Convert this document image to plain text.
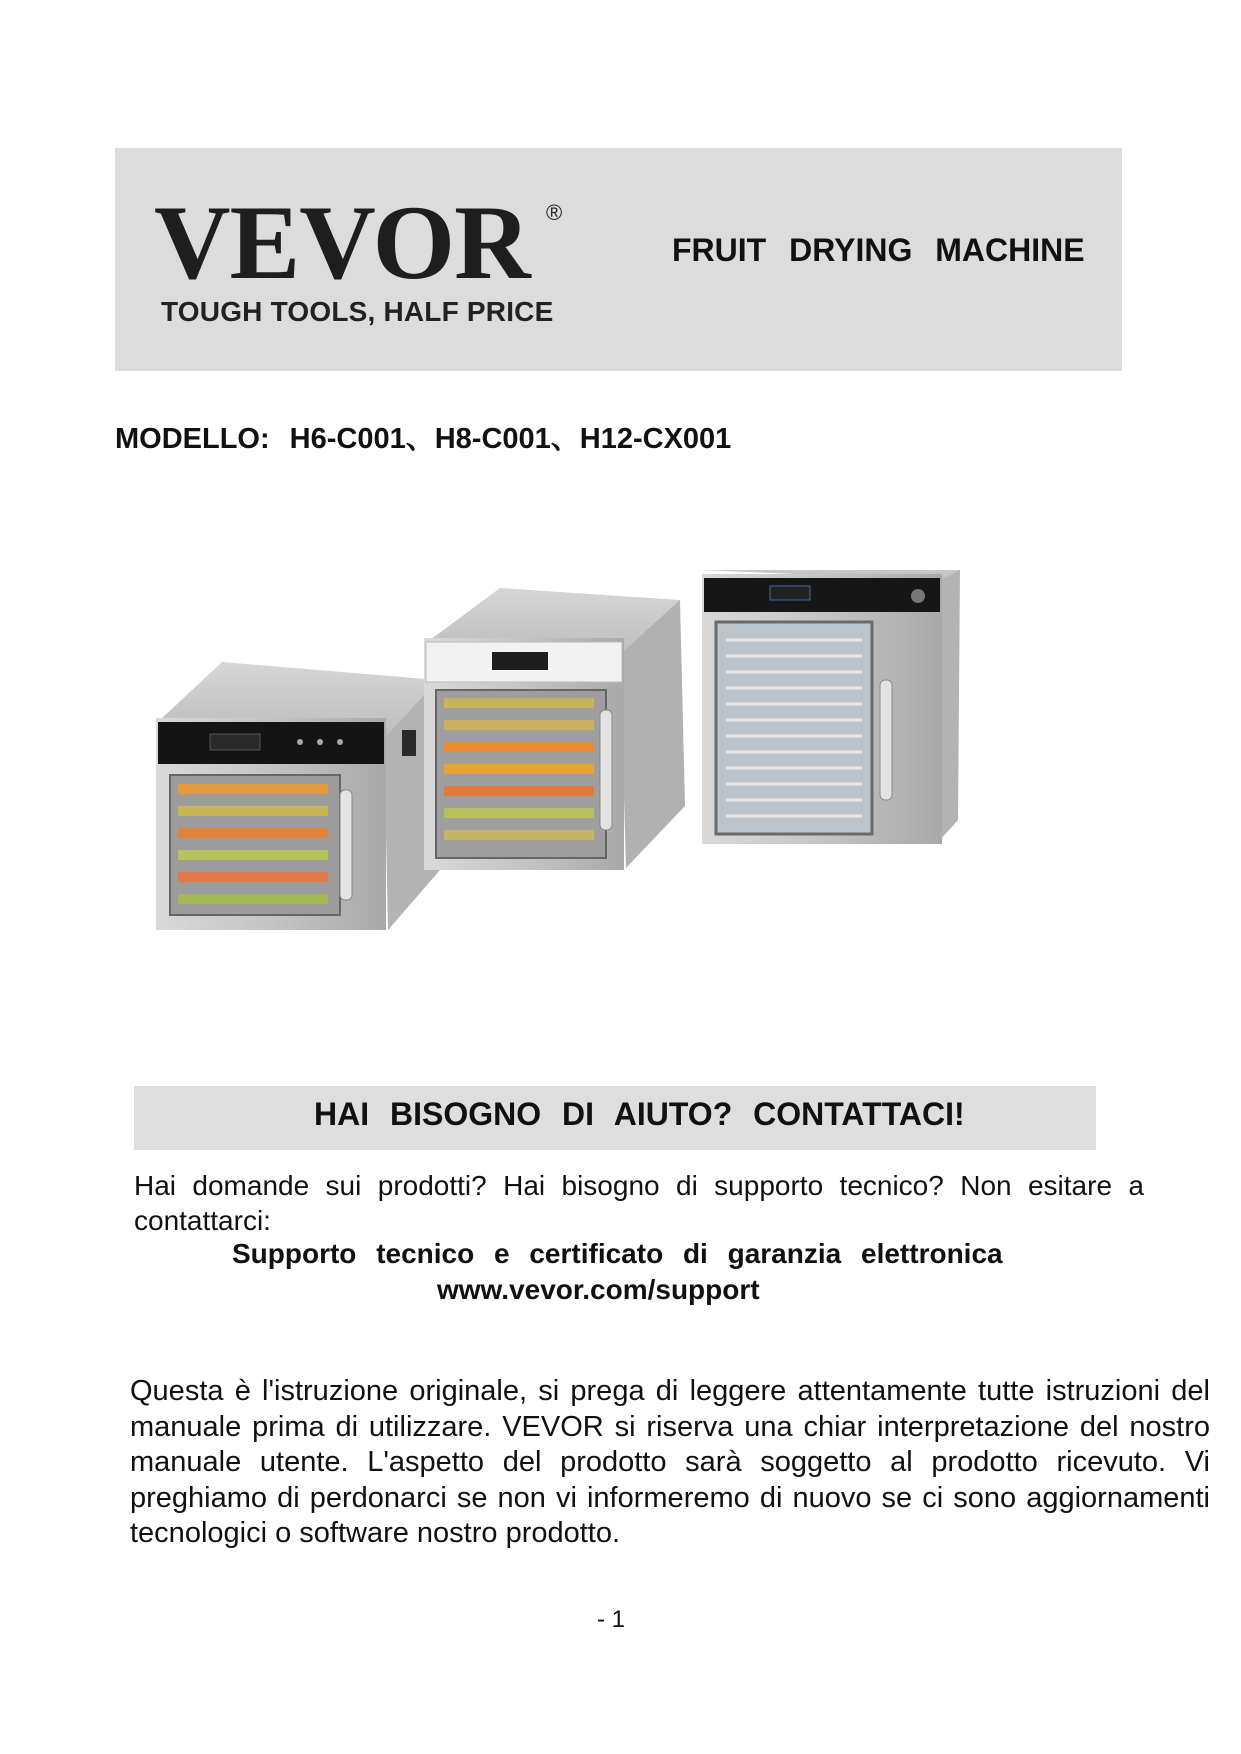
VEVOR ®
TOUGH TOOLS, HALF PRICE
FRUIT DRYING MACHINE
MODELLO: H6-C001、H8-C001、H12-CX001
HAI BISOGNO DI AIUTO? CONTATTACI!
Hai domande sui prodotti? Hai bisogno di supporto tecnico? Non esitare a contattarci:
Supporto tecnico e certificato di garanzia elettronica
www.vevor.com/support
Questa è l'istruzione originale, si prega di leggere attentamente tutte istruzioni del manuale prima di utilizzare. VEVOR si riserva una chiar interpretazione del nostro manuale utente. L'aspetto del prodotto sarà soggetto al prodotto ricevuto. Vi preghiamo di perdonarci se non vi informeremo di nuovo se ci sono aggiornamenti tecnologici o software nostro prodotto.
- 1
